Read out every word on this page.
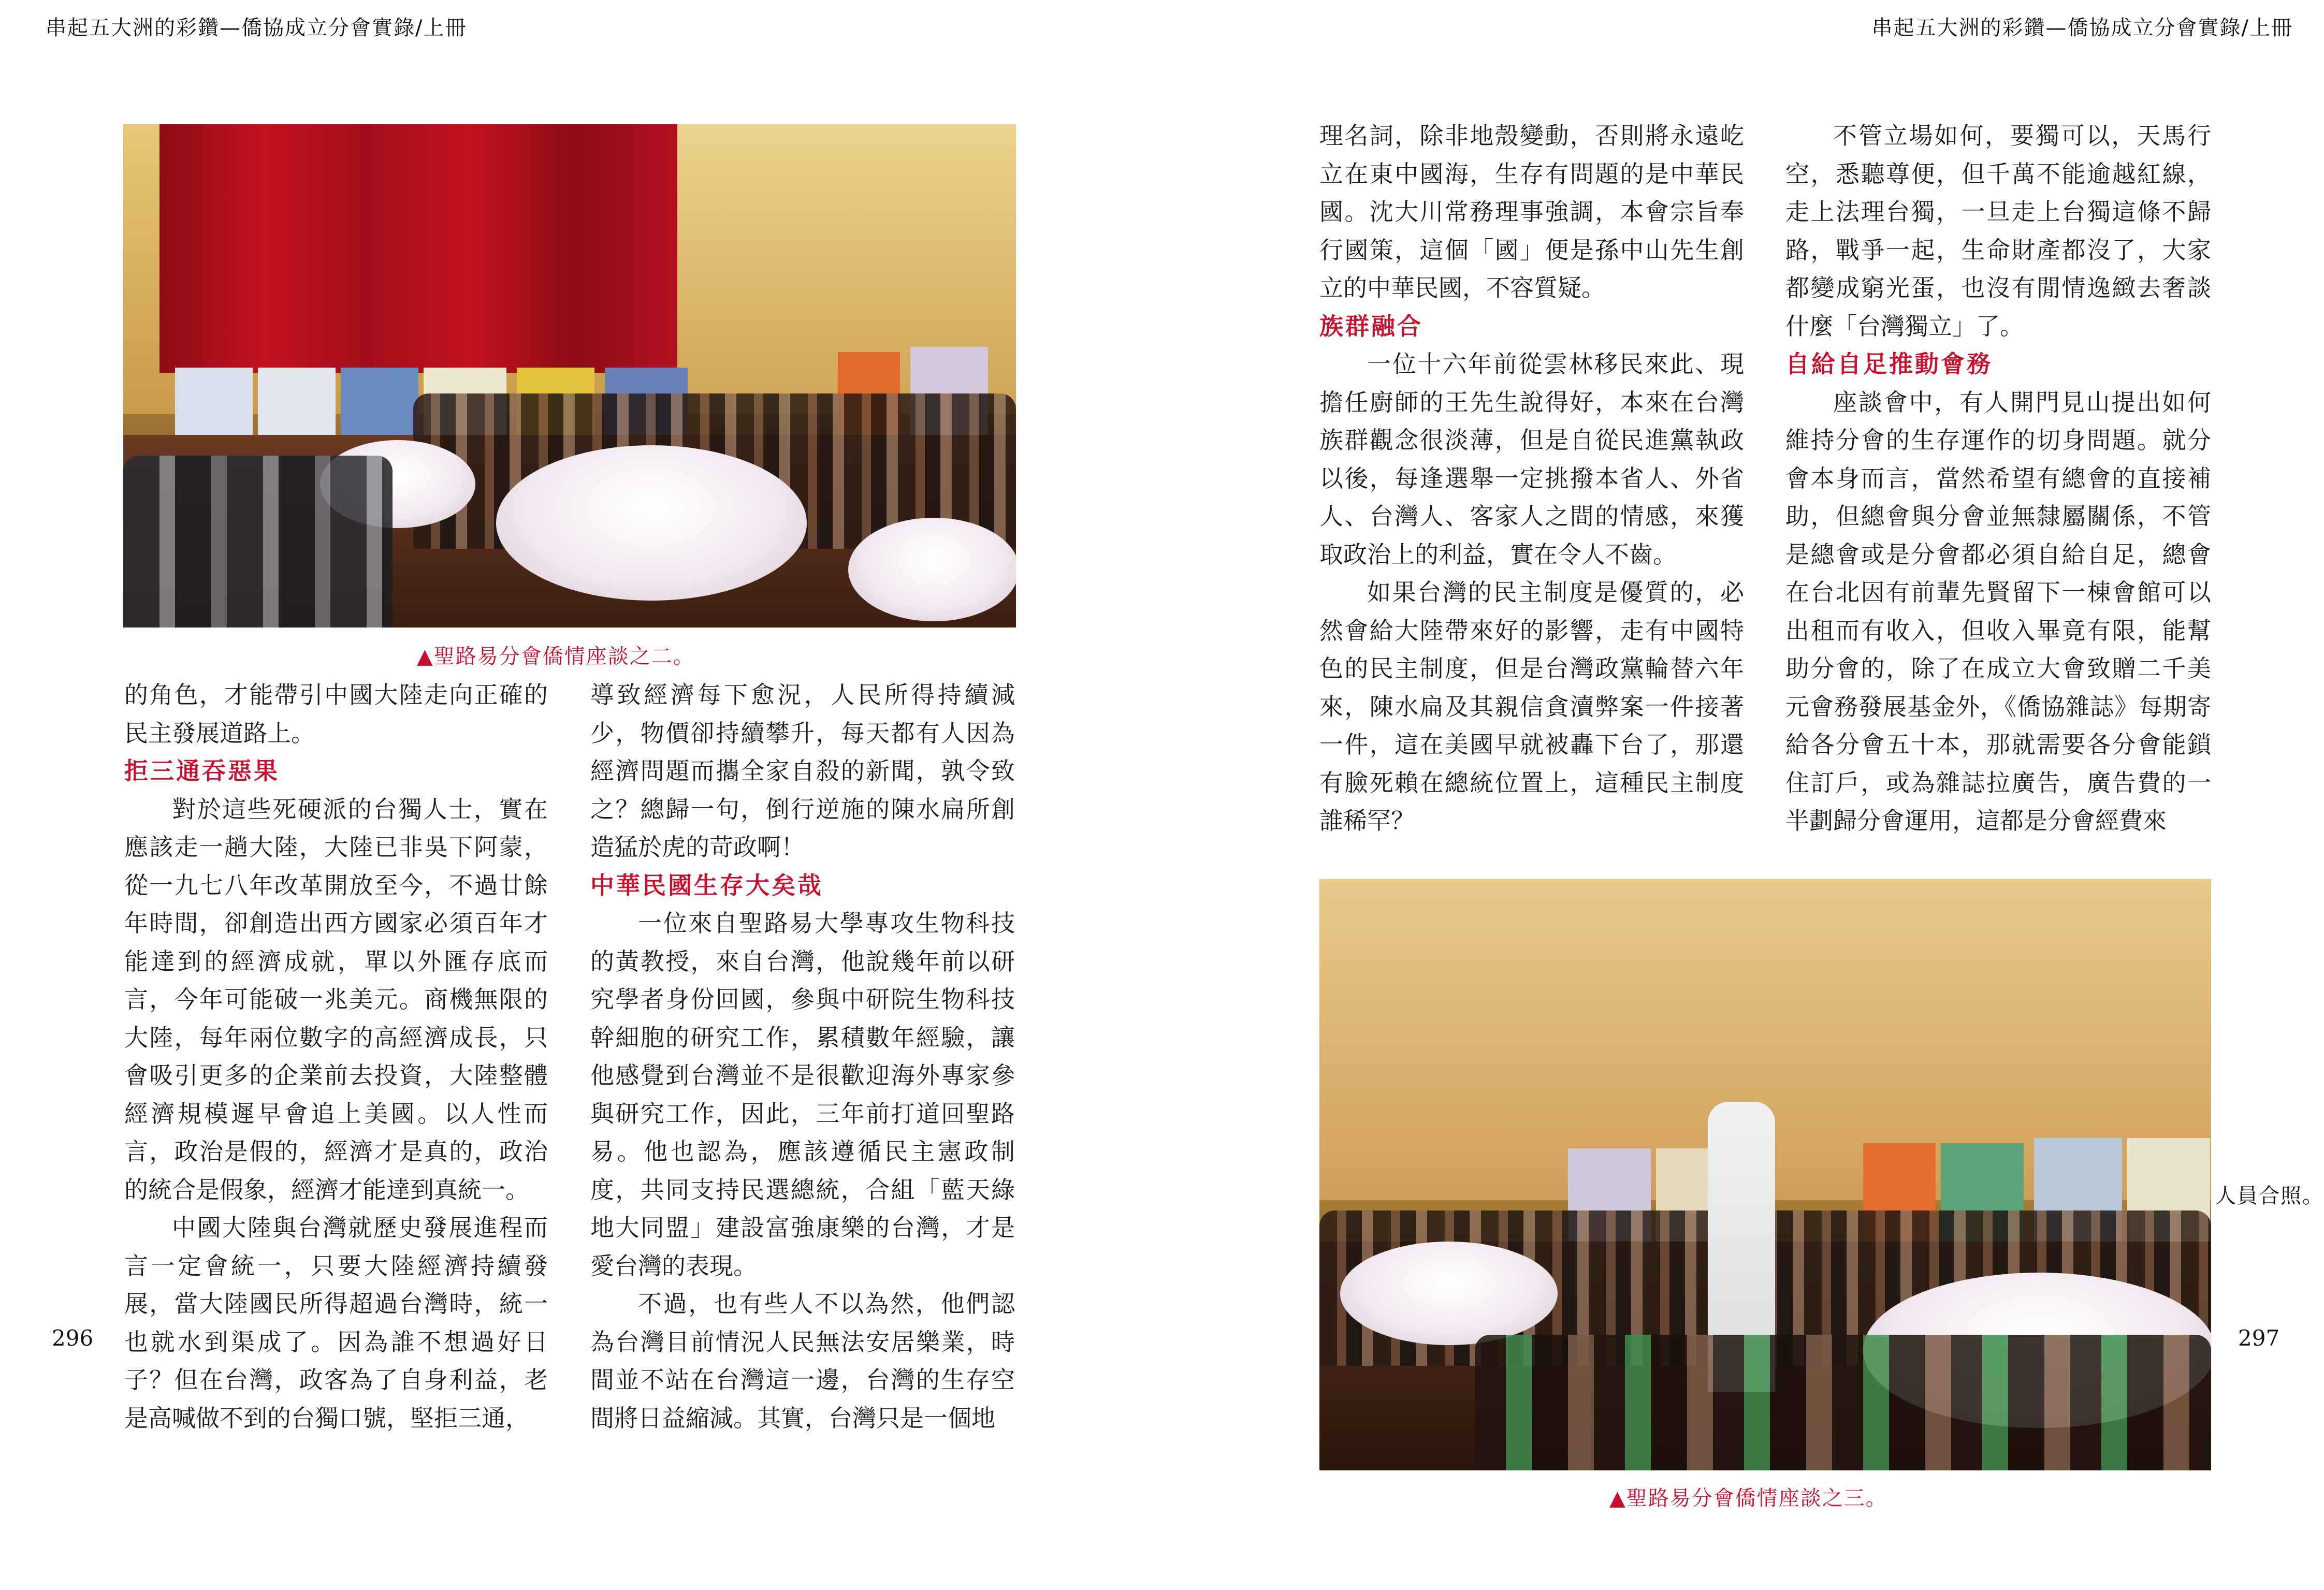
串起五大洲的彩鑽—僑協成立分會實錄/上冊	串起五大洲的彩鑽—僑協成立分會實錄/上冊
▲聖路易分會僑情座談之二。

的角色，才能帶引中國大陸走向正確的民主發展道路上。

拒三通吞惡果

對於這些死硬派的台獨人士，實在應該走一趟大陸，大陸已非吳下阿蒙，從一九七八年改革開放至今，不過廿餘年時間，卻創造出西方國家必須百年才能達到的經濟成就，單以外匯存底而言，今年可能破一兆美元。商機無限的大陸，每年兩位數字的高經濟成長，只會吸引更多的企業前去投資，大陸整體經濟規模遲早會追上美國。以人性而言，政治是假的，經濟才是真的，政治的統合是假象，經濟才能達到真統一。

中國大陸與台灣就歷史發展進程而言一定會統一，只要大陸經濟持續發展，當大陸國民所得超過台灣時，統一也就水到渠成了。因為誰不想過好日子？但在台灣，政客為了自身利益，老是高喊做不到的台獨口號，堅拒三通，

導致經濟每下愈況，人民所得持續減少，物價卻持續攀升，每天都有人因為經濟問題而攜全家自殺的新聞，孰令致之？總歸一句，倒行逆施的陳水扁所創造猛於虎的苛政啊！

中華民國生存大矣哉

一位來自聖路易大學專攻生物科技的黃教授，來自台灣，他說幾年前以研究學者身份回國，參與中研院生物科技幹細胞的研究工作，累積數年經驗，讓他感覺到台灣並不是很歡迎海外專家參與研究工作，因此，三年前打道回聖路易。他也認為，應該遵循民主憲政制度，共同支持民選總統，合組「藍天綠地大同盟」建設富強康樂的台灣，才是愛台灣的表現。

不過，也有些人不以為然，他們認為台灣目前情況人民無法安居樂業，時間並不站在台灣這一邊，台灣的生存空間將日益縮減。其實，台灣只是一個地

理名詞，除非地殼變動，否則將永遠屹立在東中國海，生存有問題的是中華民國。沈大川常務理事強調，本會宗旨奉行國策，這個「國」便是孫中山先生創立的中華民國，不容質疑。

族群融合

一位十六年前從雲林移民來此、現擔任廚師的王先生說得好，本來在台灣族群觀念很淡薄，但是自從民進黨執政以後，每逢選舉一定挑撥本省人、外省人、台灣人、客家人之間的情感，來獲取政治上的利益，實在令人不齒。

如果台灣的民主制度是優質的，必然會給大陸帶來好的影響，走有中國特色的民主制度，但是台灣政黨輪替六年來，陳水扁及其親信貪瀆弊案一件接著一件，這在美國早就被轟下台了，那還有臉死賴在總統位置上，這種民主制度誰稀罕？

不管立場如何，要獨可以，天馬行空，悉聽尊便，但千萬不能逾越紅線，走上法理台獨，一旦走上台獨這條不歸路，戰爭一起，生命財產都沒了，大家都變成窮光蛋，也沒有閒情逸緻去奢談什麼「台灣獨立」了。

自給自足推動會務

座談會中，有人開門見山提出如何維持分會的生存運作的切身問題。就分會本身而言，當然希望有總會的直接補助，但總會與分會並無隸屬關係，不管是總會或是分會都必須自給自足，總會在台北因有前輩先賢留下一棟會館可以出租而有收入，但收入畢竟有限，能幫助分會的，除了在成立大會致贈二千美元會務發展基金外，《僑協雜誌》每期寄給各分會五十本，那就需要各分會能鎖住訂戶，或為雜誌拉廣告，廣告費的一半劃歸分會運用，這都是分會經費來

▲聖路易分會僑情座談之三。
人員合照。
296	297
